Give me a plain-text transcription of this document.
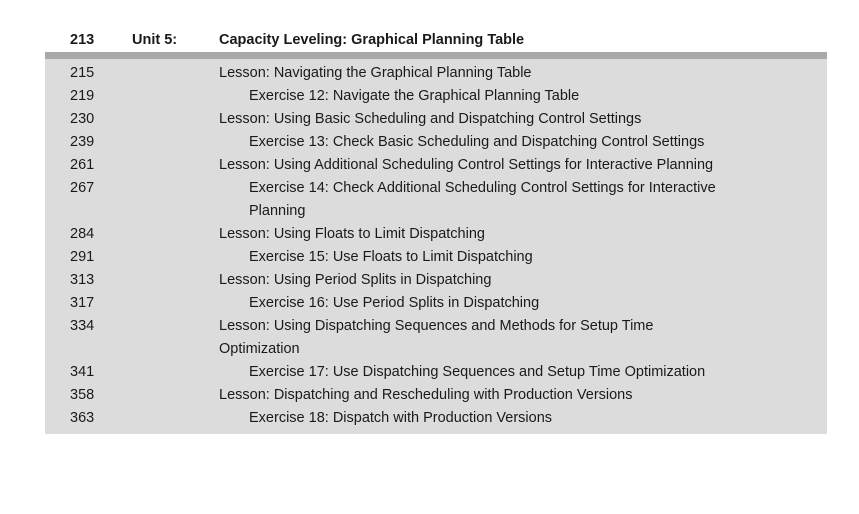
213	Unit 5:	Capacity Leveling: Graphical Planning Table
215	Lesson: Navigating the Graphical Planning Table
219	Exercise 12: Navigate the Graphical Planning Table
230	Lesson: Using Basic Scheduling and Dispatching Control Settings
239	Exercise 13: Check Basic Scheduling and Dispatching Control Settings
261	Lesson: Using Additional Scheduling Control Settings for Interactive Planning
267	Exercise 14: Check Additional Scheduling Control Settings for Interactive Planning
284	Lesson: Using Floats to Limit Dispatching
291	Exercise 15: Use Floats to Limit Dispatching
313	Lesson: Using Period Splits in Dispatching
317	Exercise 16: Use Period Splits in Dispatching
334	Lesson: Using Dispatching Sequences and Methods for Setup Time Optimization
341	Exercise 17: Use Dispatching Sequences and Setup Time Optimization
358	Lesson: Dispatching and Rescheduling with Production Versions
363	Exercise 18: Dispatch with Production Versions
